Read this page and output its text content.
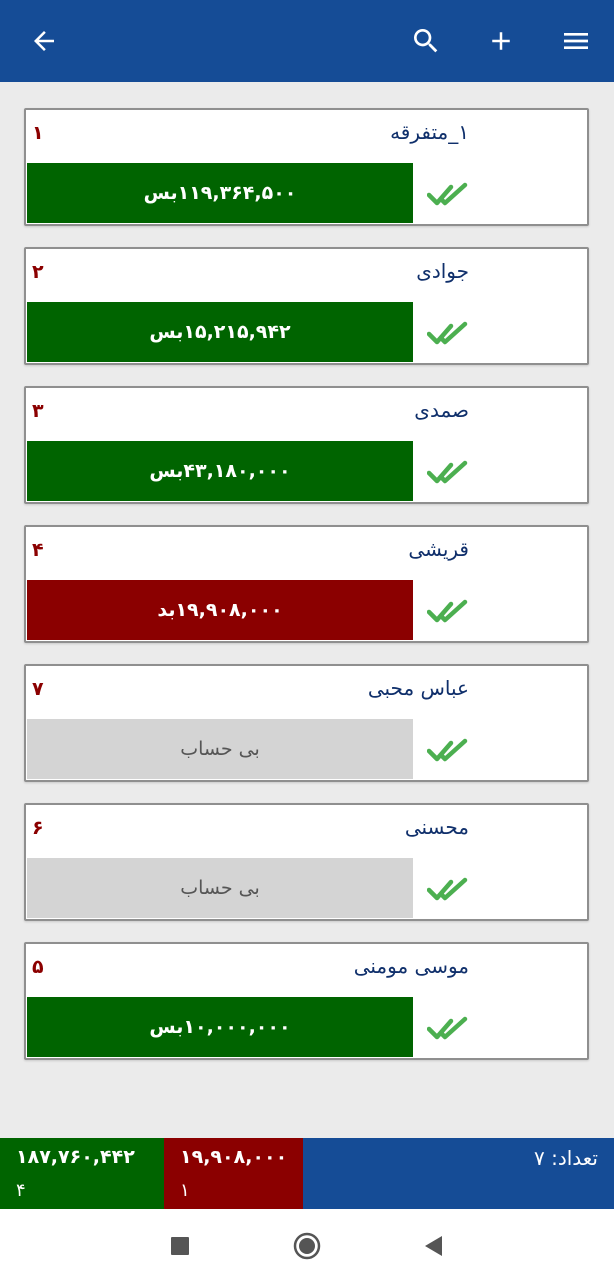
۱_متفرقه
۱
۱۱۹,۳۶۴,۵۰۰بس
جوادی
۲
۱۵,۲۱۵,۹۴۲بس
صمدی
۳
۴۳,۱۸۰,۰۰۰بس
قریشی
۴
۱۹,۹۰۸,۰۰۰بد
عباس محبی
۷
بی حساب
محسنی
۶
بی حساب
موسی مومنی
۵
۱۰,۰۰۰,۰۰۰بس
۱۸۷,۷۶۰,۴۴۲
۴
۱۹,۹۰۸,۰۰۰
۱
تعداد: ۷
